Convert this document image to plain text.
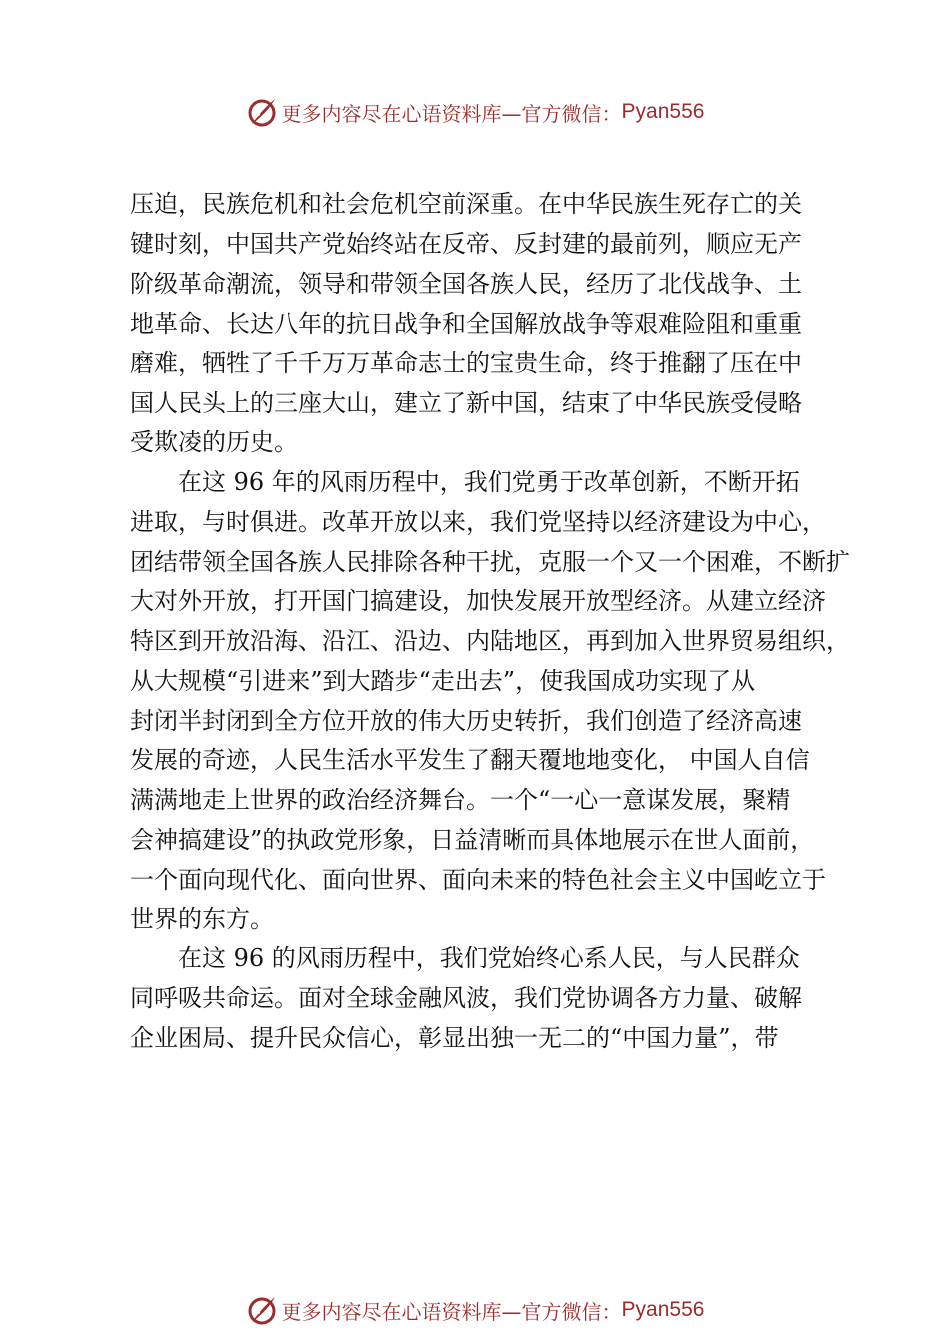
更多内容尽在心语资料库—官方微信： Pyan556
压迫，民族危机和社会危机空前深重。在中华民族生死存亡的关
键时刻，中国共产党始终站在反帝、反封建的最前列，顺应无产
阶级革命潮流，领导和带领全国各族人民，经历了北伐战争、土
地革命、长达八年的抗日战争和全国解放战争等艰难险阻和重重
磨难，牺牲了千千万万革命志士的宝贵生命，终于推翻了压在中
国人民头上的三座大山，建立了新中国，结束了中华民族受侵略
受欺凌的历史。
　　在这 96 年的风雨历程中，我们党勇于改革创新，不断开拓
进取，与时俱进。改革开放以来，我们党坚持以经济建设为中心，
团结带领全国各族人民排除各种干扰，克服一个又一个困难，不断扩
大对外开放，打开国门搞建设，加快发展开放型经济。从建立经济
特区到开放沿海、沿江、沿边、内陆地区，再到加入世界贸易组织，
从大规模“引进来”到大踏步“走出去”，使我国成功实现了从
封闭半封闭到全方位开放的伟大历史转折，我们创造了经济高速
发展的奇迹，人民生活水平发生了翻天覆地地变化， 中国人自信
满满地走上世界的政治经济舞台。一个“一心一意谋发展，聚精
会神搞建设”的执政党形象，日益清晰而具体地展示在世人面前，
一个面向现代化、面向世界、面向未来的特色社会主义中国屹立于
世界的东方。
　　在这 96 的风雨历程中，我们党始终心系人民，与人民群众
同呼吸共命运。面对全球金融风波，我们党协调各方力量、破解
企业困局、提升民众信心，彰显出独一无二的“中国力量”，带
更多内容尽在心语资料库—官方微信： Pyan556
